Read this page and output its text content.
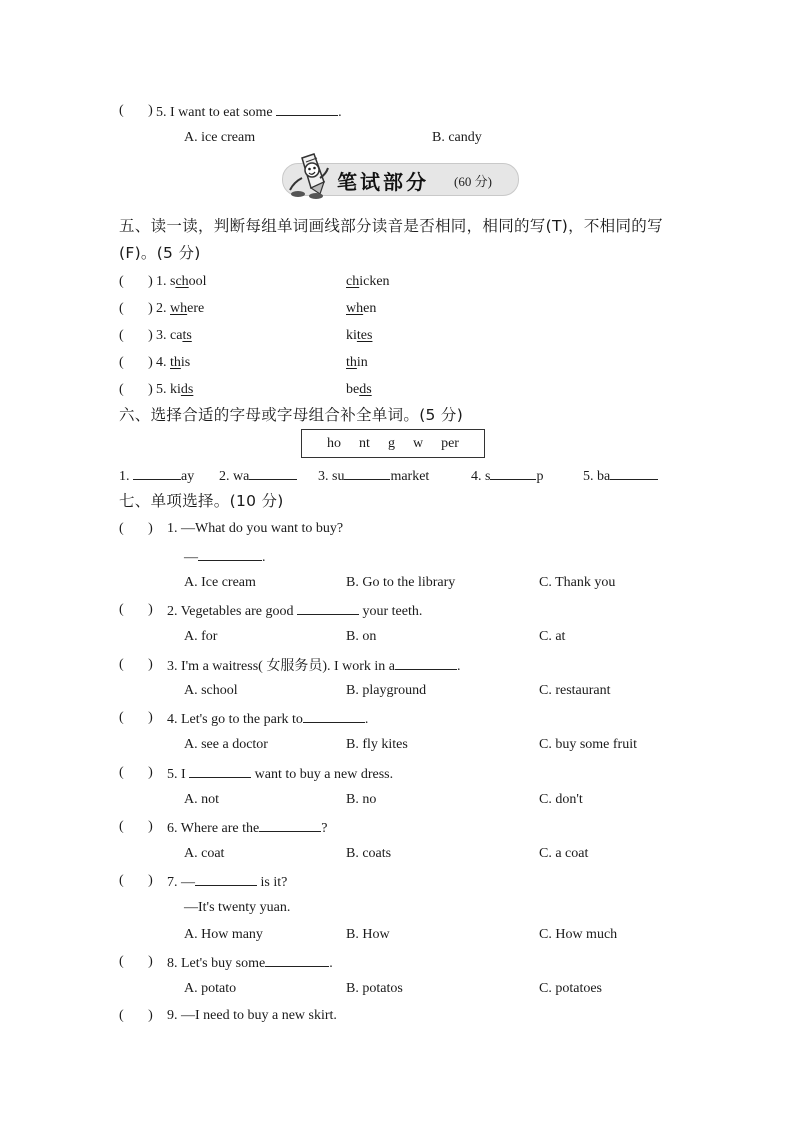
(       ) 5. I want to eat some	.
A. ice cream	B. candy
笔试部分 (60 分)
五、读一读，判断每组单词画线部分读音是否相同，相同的写(T)，不相同的写
(F)。(5 分)
(       ) 1. school	chicken
(       ) 2. where	when
(       ) 3. cats	kites
(       ) 4. this	thin
(       ) 5. kids	beds
六、选择合适的字母或字母组合补全单词。(5 分)
ho nt g w per
1.	ay 2. wa	3. su	market	4. s	p	5. ba
七、单项选择。(10 分)
(       ) 1. —What do you want to buy?
—	.
A. Ice cream	B. Go to the library	C. Thank you
(       ) 2. Vegetables are good	your teeth.
A. for	B. on	C. at
(       ) 3. I'm a waitress( 女服务员). I work in a	.
A. school	B. playground	C. restaurant
(       ) 4. Let's go to the park to	.
A. see a doctor	B. fly kites	C. buy some fruit
(       ) 5. I	want to buy a new dress.
A. not	B. no	C. don't
(       ) 6. Where are the	?
A. coat	B. coats	C. a coat
(       ) 7. —	is it?
—It's twenty yuan.
A. How many	B. How	C. How much
(       ) 8. Let's buy some	.
A. potato	B. potatos	C. potatoes
(       ) 9. —I need to buy a new skirt.
